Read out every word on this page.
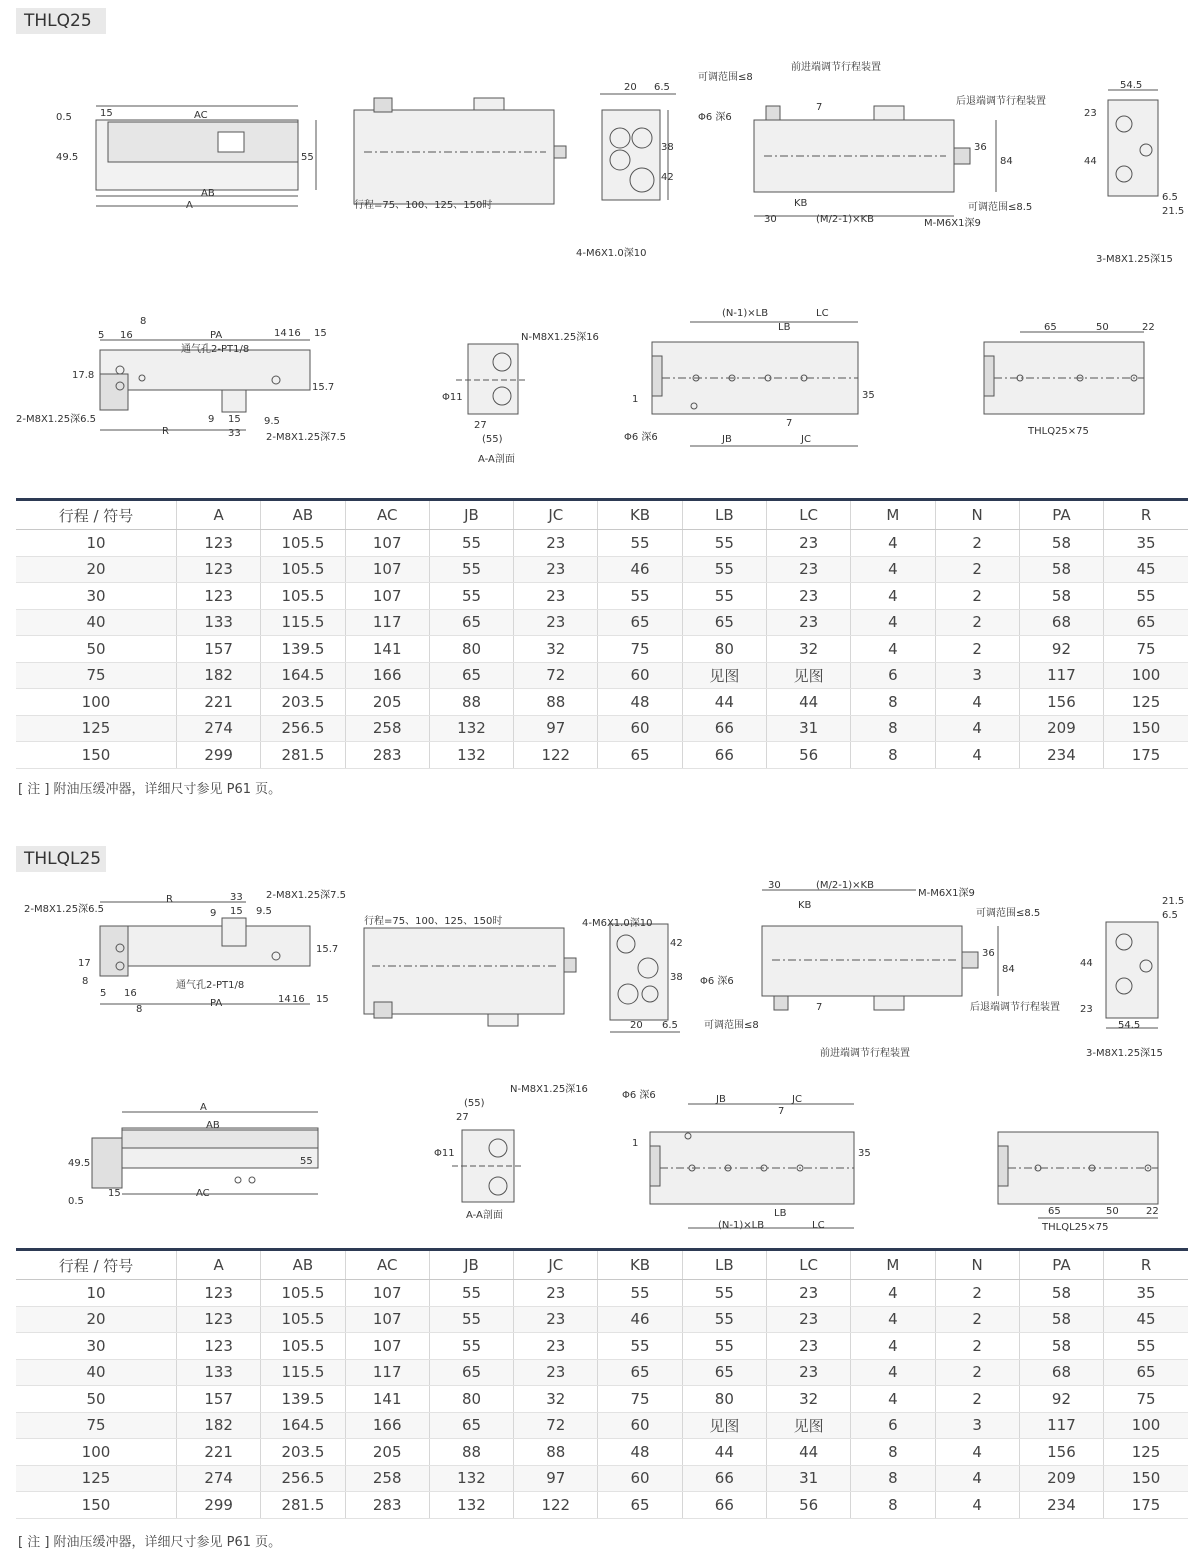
THLQ25
AC
AB
A
15
0.5
49.5	55
行程=75、100、125、150时
20 6.5
38
42
4-M6X1.0深10
可调范围≤8
前进端调节行程装置
后退端调节行程装置
Φ6 深6
7
30
KB
(M/2-1)×KB	M-M6X1深9
可调范围≤8.5
36
84
54.5
23
44
6.5
21.5
3-M8X1.25深15
5 16
8
PA	14 16 15
通气孔2-PT1/8
17.8
2-M8X1.25深6.5	9 15
33
R
15.7
9.5
2-M8X1.25深7.5
Φ11
27
(55)
A-A剖面
N-M8X1.25深16
(N-1)×LB
LB
LC
1
Φ6 深6	JB	JC
7
35
65	50	22
THLQ25×75
行程 / 符号	A	AB	AC	JB	JC	KB	LB	LC	M	N	PA	R
10	123	105.5	107	55	23	55	55	23	4	2	58	35
20	123	105.5	107	55	23	46	55	23	4	2	58	45
30	123	105.5	107	55	23	55	55	23	4	2	58	55
40	133	115.5	117	65	23	65	65	23	4	2	68	65
50	157	139.5	141	80	32	75	80	32	4	2	92	75
75	182	164.5	166	65	72	60	见图	见图	6	3	117	100
100	221	203.5	205	88	88	48	44	44	8	4	156	125
125	274	256.5	258	132	97	60	66	31	8	4	209	150
150	299	281.5	283	132	122	65	66	56	8	4	234	175
[ 注 ] 附油压缓冲器，详细尺寸参见 P61 页。
THLQL25
2-M8X1.25深6.5
R	33
9 15 9.5
2-M8X1.25深7.5
15.7
17
8	通气孔2-PT1/8
5 16
8
PA	14 16 15
行程=75、100、125、150时	4-M6X1.0深10
42
38
20 6.5
30	(M/2-1)×KB
KB
M-M6X1深9
可调范围≤8.5
36
84
Φ6 深6
7
可调范围≤8
前进端调节行程装置
后退端调节行程装置
21.5
6.5
44
23
54.5
3-M8X1.25深15
A
AB
AC
49.5
0.5
15
55
(55)
27
Φ11
N-M8X1.25深16
A-A剖面
Φ6 深6	JB	JC
7
1
35
(N-1)×LB
LB
LC
65	50	22
THLQL25×75
行程 / 符号	A	AB	AC	JB	JC	KB	LB	LC	M	N	PA	R
10	123	105.5	107	55	23	55	55	23	4	2	58	35
20	123	105.5	107	55	23	46	55	23	4	2	58	45
30	123	105.5	107	55	23	55	55	23	4	2	58	55
40	133	115.5	117	65	23	65	65	23	4	2	68	65
50	157	139.5	141	80	32	75	80	32	4	2	92	75
75	182	164.5	166	65	72	60	见图	见图	6	3	117	100
100	221	203.5	205	88	88	48	44	44	8	4	156	125
125	274	256.5	258	132	97	60	66	31	8	4	209	150
150	299	281.5	283	132	122	65	66	56	8	4	234	175
[ 注 ] 附油压缓冲器，详细尺寸参见 P61 页。
